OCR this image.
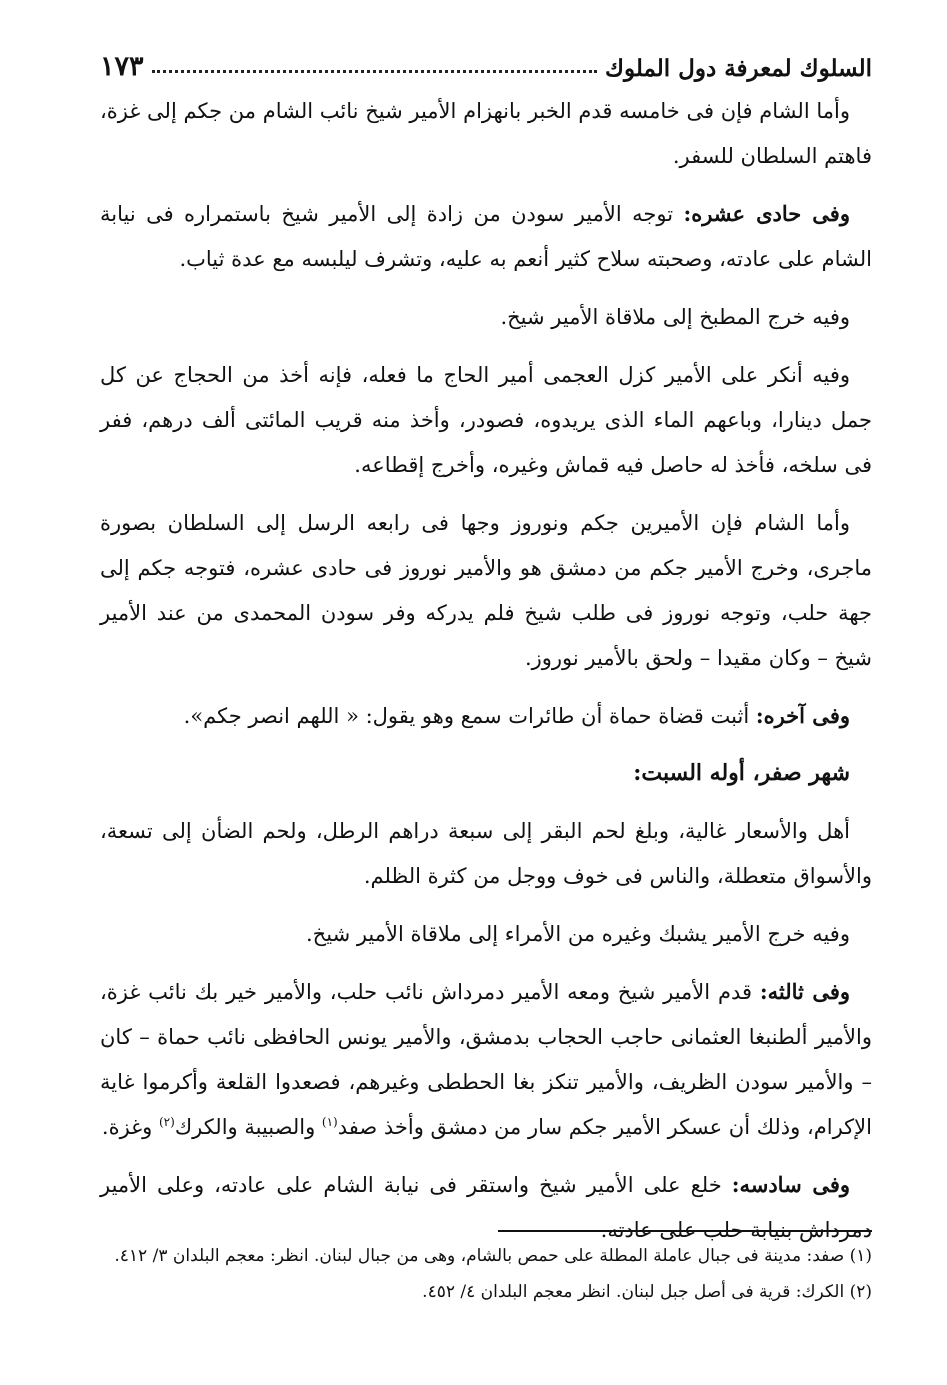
السلوك لمعرفة دول الملوك
١٧٣

وأما الشام فإن فى خامسه قدم الخبر بانهزام الأمير شيخ نائب الشام من جكم إلى غزة، فاهتم السلطان للسفر.

وفى حادى عشره: توجه الأمير سودن من زادة إلى الأمير شيخ باستمراره فى نيابة الشام على عادته، وصحبته سلاح كثير أنعم به عليه، وتشرف ليلبسه مع عدة ثياب.

وفيه خرج المطبخ إلى ملاقاة الأمير شيخ.

وفيه أنكر على الأمير كزل العجمى أمير الحاج ما فعله، فإنه أخذ من الحجاج عن كل جمل دينارا، وباعهم الماء الذى يريدوه، فصودر، وأخذ منه قريب المائتى ألف درهم، ففر فى سلخه، فأخذ له حاصل فيه قماش وغيره، وأخرج إقطاعه.

وأما الشام فإن الأميرين جكم ونوروز وجها فى رابعه الرسل إلى السلطان بصورة ماجرى، وخرج الأمير جكم من دمشق هو والأمير نوروز فى حادى عشره، فتوجه جكم إلى جهة حلب، وتوجه نوروز فى طلب شيخ فلم يدركه وفر سودن المحمدى من عند الأمير شيخ – وكان مقيدا – ولحق بالأمير نوروز.

وفى آخره: أثبت قضاة حماة أن طائرات سمع وهو يقول: « اللهم انصر جكم».

شهر صفر، أوله السبت:

أهل والأسعار غالية، وبلغ لحم البقر إلى سبعة دراهم الرطل، ولحم الضأن إلى تسعة، والأسواق متعطلة، والناس فى خوف ووجل من كثرة الظلم.

وفيه خرج الأمير يشبك وغيره من الأمراء إلى ملاقاة الأمير شيخ.

وفى ثالثه: قدم الأمير شيخ ومعه الأمير دمرداش نائب حلب، والأمير خير بك نائب غزة، والأمير ألطنبغا العثمانى حاجب الحجاب بدمشق، والأمير يونس الحافظى نائب حماة – كان – والأمير سودن الظريف، والأمير تنكز بغا الحططى وغيرهم، فصعدوا القلعة وأكرموا غاية الإكرام، وذلك أن عسكر الأمير جكم سار من دمشق وأخذ صفد$^{(١)}$ والصبيبة والكرك$^{(٢)}$ وغزة.

وفى سادسه: خلع على الأمير شيخ واستقر فى نيابة الشام على عادته، وعلى الأمير دمرداش بنيابة حلب على عادته.

(١) صفد: مدينة فى جبال عاملة المطلة على حمص بالشام، وهى من جبال لبنان. انظر: معجم البلدان ٣/ ٤١٢.

(٢) الكرك: قرية فى أصل جبل لبنان. انظر معجم البلدان ٤/ ٤٥٢.
